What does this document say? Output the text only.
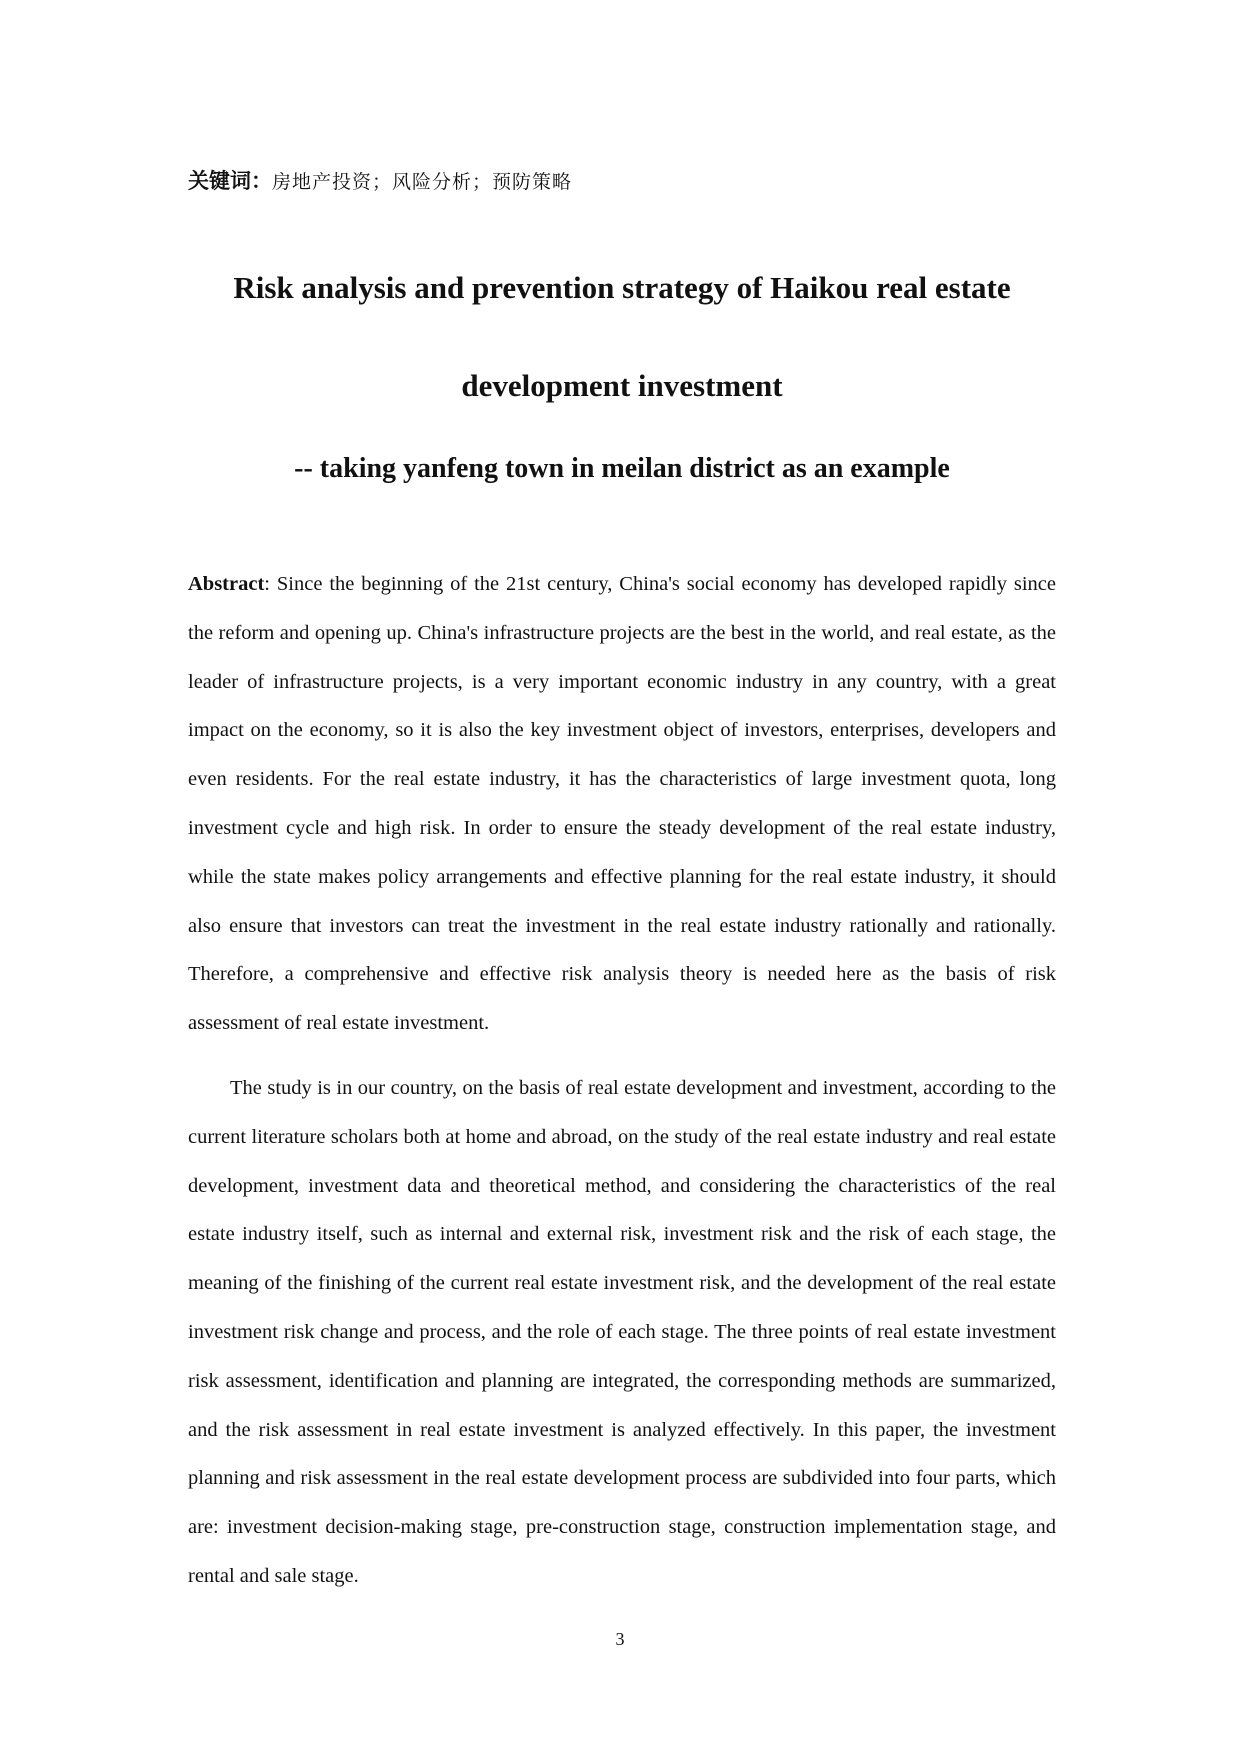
关键词：房地产投资；风险分析；预防策略
Risk analysis and prevention strategy of Haikou real estate
development investment
-- taking yanfeng town in meilan district as an example
Abstract: Since the beginning of the 21st century, China's social economy has developed rapidly since the reform and opening up. China's infrastructure projects are the best in the world, and real estate, as the leader of infrastructure projects, is a very important economic industry in any country, with a great impact on the economy, so it is also the key investment object of investors, enterprises, developers and even residents. For the real estate industry, it has the characteristics of large investment quota, long investment cycle and high risk. In order to ensure the steady development of the real estate industry, while the state makes policy arrangements and effective planning for the real estate industry, it should also ensure that investors can treat the investment in the real estate industry rationally and rationally. Therefore, a comprehensive and effective risk analysis theory is needed here as the basis of risk assessment of real estate investment.
The study is in our country, on the basis of real estate development and investment, according to the current literature scholars both at home and abroad, on the study of the real estate industry and real estate development, investment data and theoretical method, and considering the characteristics of the real estate industry itself, such as internal and external risk, investment risk and the risk of each stage, the meaning of the finishing of the current real estate investment risk, and the development of the real estate investment risk change and process, and the role of each stage. The three points of real estate investment risk assessment, identification and planning are integrated, the corresponding methods are summarized, and the risk assessment in real estate investment is analyzed effectively. In this paper, the investment planning and risk assessment in the real estate development process are subdivided into four parts, which are: investment decision-making stage, pre-construction stage, construction implementation stage, and rental and sale stage.
3
